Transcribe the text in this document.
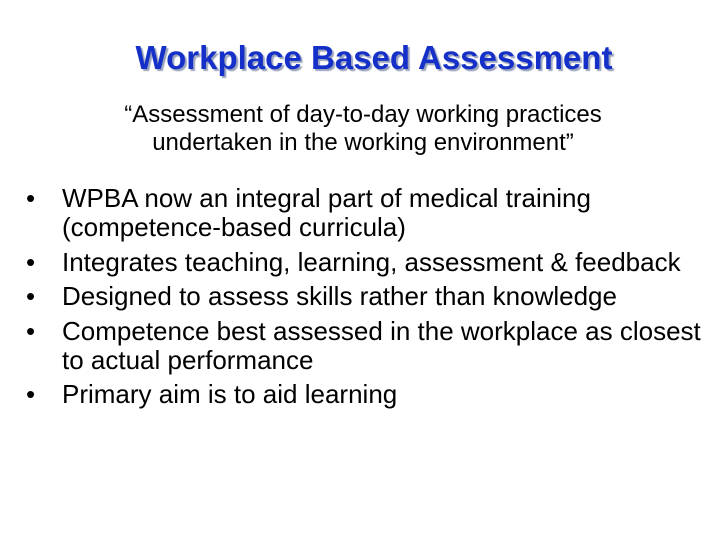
Workplace Based Assessment
“Assessment of day-to-day working practices
undertaken in the working environment”
•	WPBA now an integral part of medical training (competence-based curricula)
•	Integrates teaching, learning, assessment & feedback
•	Designed to assess skills rather than knowledge
•	Competence best assessed in the workplace as closest to actual performance
•	Primary aim is to aid learning
